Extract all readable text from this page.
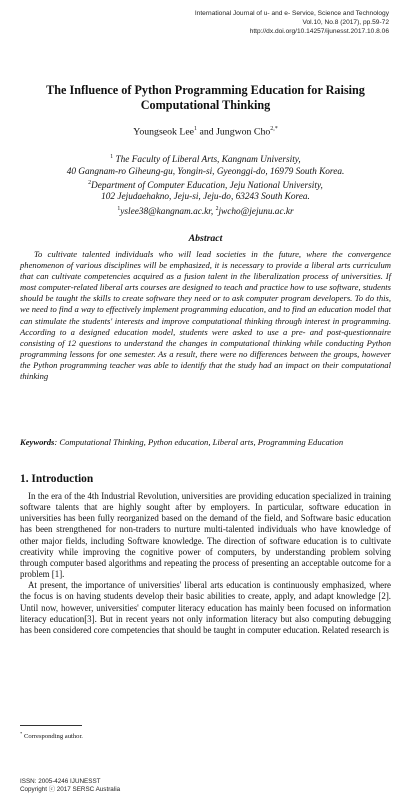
International Journal of u- and e- Service, Science and Technology
Vol.10, No.8 (2017), pp.59-72
http://dx.doi.org/10.14257/ijunesst.2017.10.8.06
The Influence of Python Programming Education for Raising
Computational Thinking
Youngseok Lee$^1$ and Jungwon Cho$^{2,*}$
$^1$ The Faculty of Liberal Arts, Kangnam University,
40 Gangnam-ro Giheung-gu, Yongin-si, Gyeonggi-do, 16979 South Korea.
$^2$Department of Computer Education, Jeju National University,
102 Jejudaehakno, Jeju-si, Jeju-do, 63243 South Korea.
$^1$yslee38@kangnam.ac.kr, $^2$jwcho@jejunu.ac.kr
Abstract
To cultivate talented individuals who will lead societies in the future, where the convergence phenomenon of various disciplines will be emphasized, it is necessary to provide a liberal arts curriculum that can cultivate competencies acquired as a fusion talent in the liberalization process of universities. If most computer-related liberal arts courses are designed to teach and practice how to use software, students should be taught the skills to create software they need or to ask computer program developers. To do this, we need to find a way to effectively implement programming education, and to find an education model that can stimulate the students' interests and improve computational thinking through interest in programming. According to a designed education model, students were asked to use a pre- and post-questionnaire consisting of 12 questions to understand the changes in computational thinking while conducting Python programming lessons for one semester. As a result, there were no differences between the groups, however the Python programming teacher was able to identify that the study had an impact on their computational thinking
Keywords: Computational Thinking, Python education, Liberal arts, Programming Education
1. Introduction

In the era of the 4th Industrial Revolution, universities are providing education specialized in training software talents that are highly sought after by employers. In particular, software education in universities has been fully reorganized based on the demand of the field, and Software basic education has been strengthened for non-traders to nurture multi-talented individuals who have knowledge of other major fields, including Software knowledge. The direction of software education is to cultivate creativity while improving the cognitive power of computers, by understanding problem solving through computer based algorithms and repeating the process of presenting an acceptable outcome for a problem [1].

At present, the importance of universities' liberal arts education is continuously emphasized, where the focus is on having students develop their basic abilities to create, apply, and adapt knowledge [2]. Until now, however, universities' computer literacy education has mainly been focused on information literacy education[3]. But in recent years not only information literacy but also computing debugging has been considered core competencies that should be taught in computer education. Related research is

* Corresponding author.
ISSN: 2005-4246 IJUNESST
Copyright ⓒ 2017 SERSC Australia
